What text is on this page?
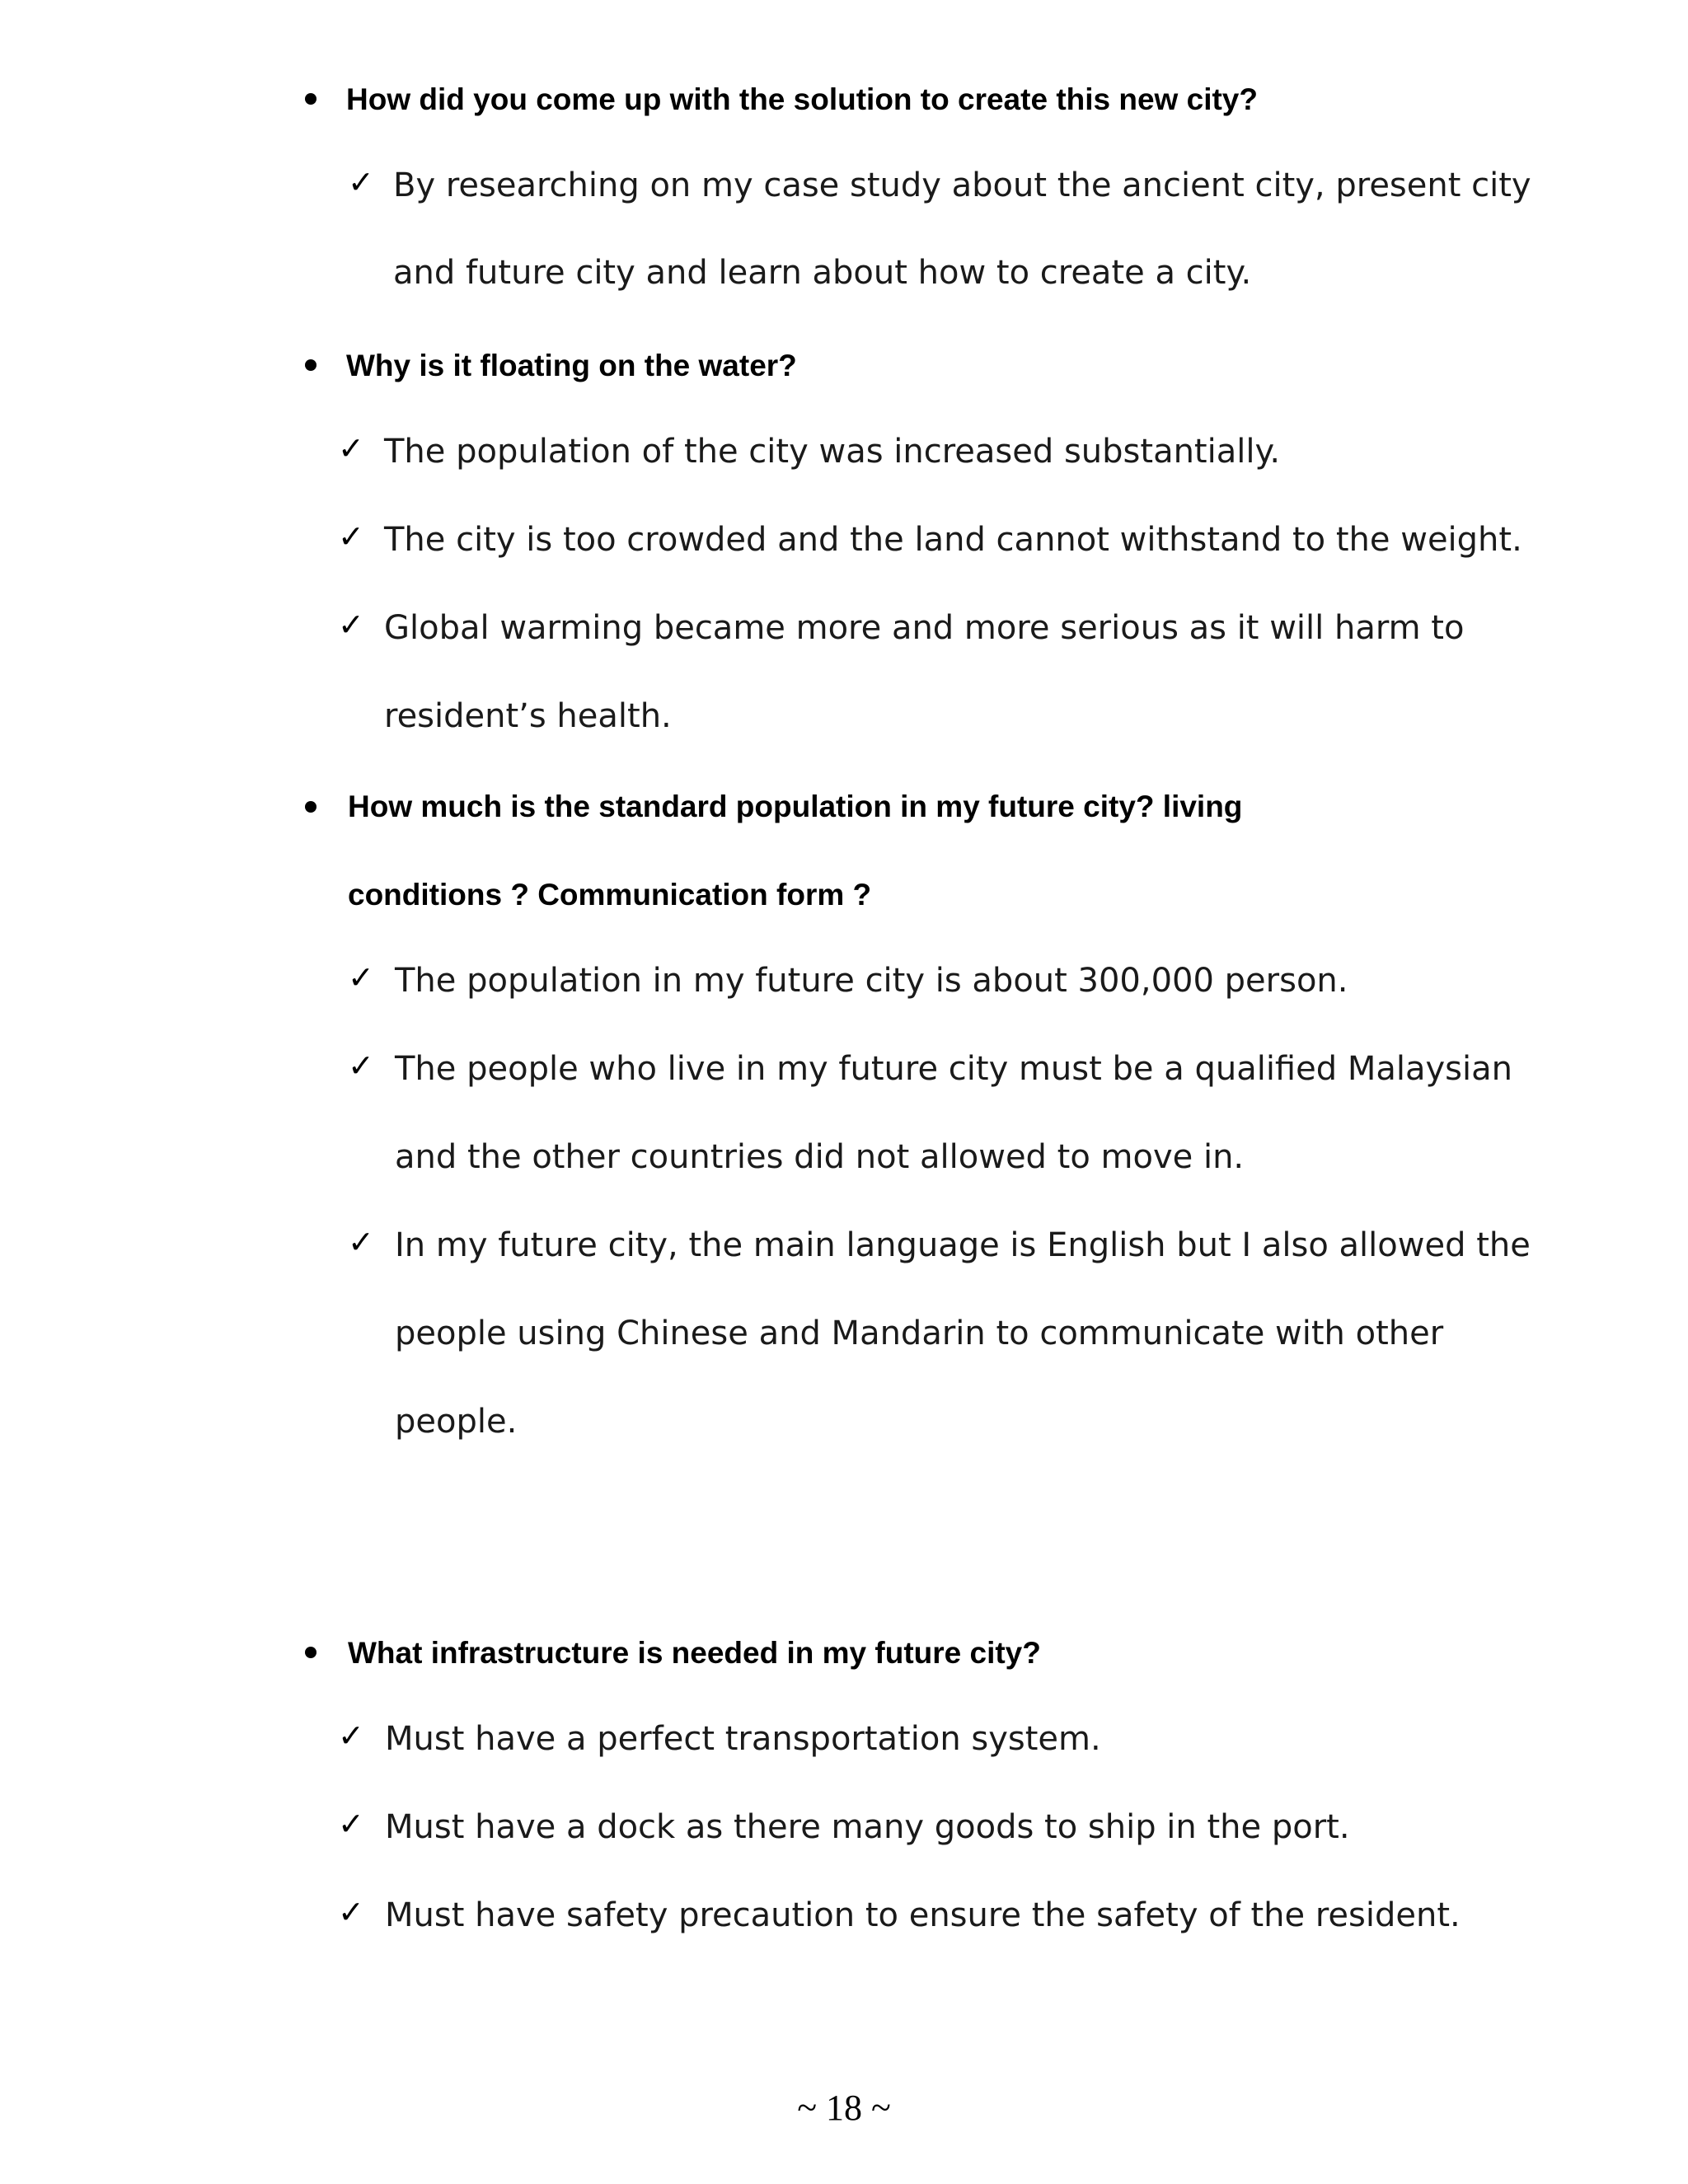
How did you come up with the solution to create this new city?
✓ By researching on my case study about the ancient city, present city
and future city and learn about how to create a city.
Why is it floating on the water?
✓ The population of the city was increased substantially.
✓ The city is too crowded and the land cannot withstand to the weight.
✓ Global warming became more and more serious as it will harm to
resident’s health.
How much is the standard population in my future city? living
conditions ? Communication form ?
✓ The population in my future city is about 300,000 person.
✓ The people who live in my future city must be a qualified Malaysian
and the other countries did not allowed to move in.
✓ In my future city, the main language is English but I also allowed the
people using Chinese and Mandarin to communicate with other
people.
What infrastructure is needed in my future city?
✓ Must have a perfect transportation system.
✓ Must have a dock as there many goods to ship in the port.
✓ Must have safety precaution to ensure the safety of the resident.
~ 18 ~
